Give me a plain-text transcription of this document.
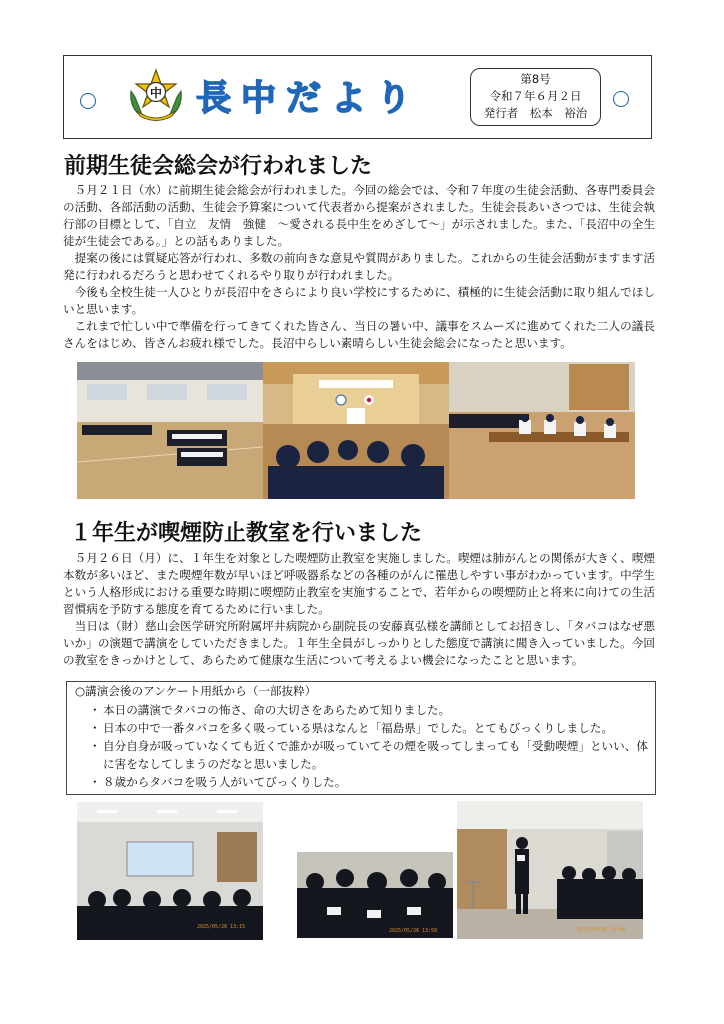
中 長中だより	第8号
令和７年６月２日
発行者　松本　裕治
前期生徒会総会が行われました

５月２１日（水）に前期生徒会総会が行われました。今回の総会では、令和７年度の生徒会活動、各専門委員会の活動、各部活動の活動、生徒会予算案について代表者から提案がされました。生徒会長あいさつでは、生徒会執行部の目標として、「自立　友情　強健　～愛される長中生をめざして～」が示されました。また、「長沼中の全生徒が生徒会である。」との話もありました。

提案の後には質疑応答が行われ、多数の前向きな意見や質問がありました。これからの生徒会活動がますます活発に行われるだろうと思わせてくれるやり取りが行われました。

今後も全校生徒一人ひとりが長沼中をさらにより良い学校にするために、積極的に生徒会活動に取り組んでほしいと思います。

これまで忙しい中で準備を行ってきてくれた皆さん、当日の暑い中、議事をスムーズに進めてくれた二人の議長さんをはじめ、皆さんお疲れ様でした。長沼中らしい素晴らしい生徒会総会になったと思います。

１年生が喫煙防止教室を行いました

５月２６日（月）に、１年生を対象とした喫煙防止教室を実施しました。喫煙は肺がんとの関係が大きく、喫煙本数が多いほど、また喫煙年数が早いほど呼吸器系などの各種のがんに罹患しやすい事がわかっています。中学生という人格形成における重要な時期に喫煙防止教室を実施することで、若年からの喫煙防止と将来に向けての生活習慣病を予防する態度を育てるために行いました。

当日は（財）慈山会医学研究所附属坪井病院から副院長の安藤真弘様を講師としてお招きし、「タバコはなぜ悪いか」の演題で講演をしていただきました。１年生全員がしっかりとした態度で講演に聞き入っていました。今回の教室をきっかけとして、あらためて健康な生活について考えるよい機会になったことと思います。

○講演会後のアンケート用紙から（一部抜粋）
・ 本日の講演でタバコの怖さ、命の大切さをあらためて知りました。
・ 日本の中で一番タバコを多く吸っている県はなんと「福島県」でした。とてもびっくりしました。
・ 自分自身が吸っていなくても近くで誰かが吸っていてその煙を吸ってしまっても「受動喫煙」といい、体に害をなしてしまうのだなと思いました。
・ ８歳からタバコを吸う人がいてびっくりした。
2025/05/26 13:15
2025/05/26 13:58	2025/05/26 14:00
